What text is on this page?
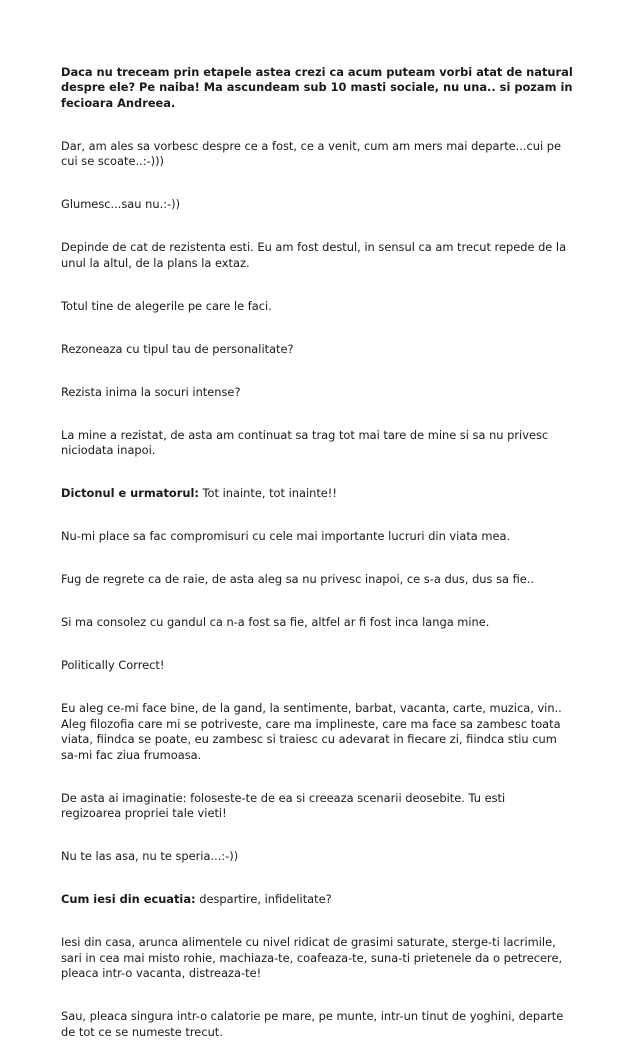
Daca nu treceam prin etapele astea crezi ca acum puteam vorbi atat de natural
despre ele? Pe naiba! Ma ascundeam sub 10 masti sociale, nu una.. si pozam in
fecioara Andreea.

Dar, am ales sa vorbesc despre ce a fost, ce a venit, cum am mers mai departe...cui pe
cui se scoate..:-)))

Glumesc...sau nu.:-))

Depinde de cat de rezistenta esti. Eu am fost destul, in sensul ca am trecut repede de la
unul la altul, de la plans la extaz.

Totul tine de alegerile pe care le faci.

Rezoneaza cu tipul tau de personalitate?

Rezista inima la socuri intense?

La mine a rezistat, de asta am continuat sa trag tot mai tare de mine si sa nu privesc
niciodata inapoi.

Dictonul e urmatorul: Tot inainte, tot inainte!!

Nu-mi place sa fac compromisuri cu cele mai importante lucruri din viata mea.

Fug de regrete ca de raie, de asta aleg sa nu privesc inapoi, ce s-a dus, dus sa fie..

Si ma consolez cu gandul ca n-a fost sa fie, altfel ar fi fost inca langa mine.

Politically Correct!

Eu aleg ce-mi face bine, de la gand, la sentimente, barbat, vacanta, carte, muzica, vin..
Aleg filozofia care mi se potriveste, care ma implineste, care ma face sa zambesc toata
viata, fiindca se poate, eu zambesc si traiesc cu adevarat in fiecare zi, fiindca stiu cum
sa-mi fac ziua frumoasa.

De asta ai imaginatie: foloseste-te de ea si creeaza scenarii deosebite. Tu esti
regizoarea propriei tale vieti!

Nu te las asa, nu te speria...:-))

Cum iesi din ecuatia: despartire, infidelitate?

Iesi din casa, arunca alimentele cu nivel ridicat de grasimi saturate, sterge-ti lacrimile,
sari in cea mai misto rohie, machiaza-te, coafeaza-te, suna-ti prietenele da o petrecere,
pleaca intr-o vacanta, distreaza-te!

Sau, pleaca singura intr-o calatorie pe mare, pe munte, intr-un tinut de yoghini, departe
de tot ce se numeste trecut.
